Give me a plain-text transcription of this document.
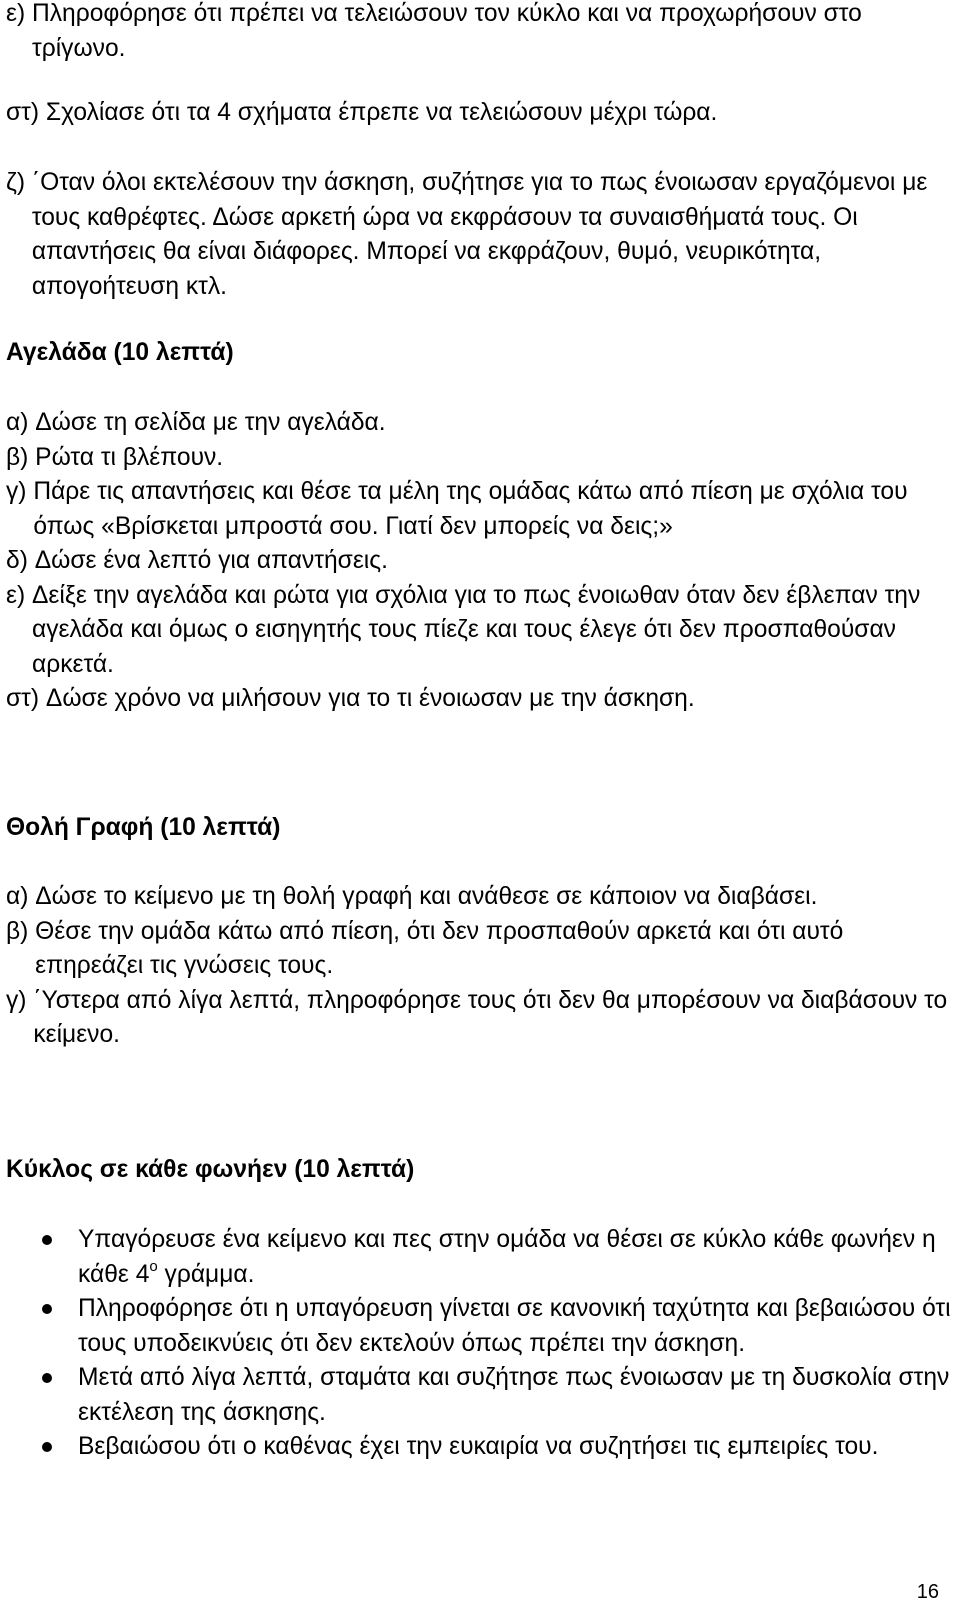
ε) Πληροφόρησε ότι πρέπει να τελειώσουν τον κύκλο και να προχωρήσουν στο τρίγωνο.
στ) Σχολίασε ότι τα 4 σχήματα έπρεπε να τελειώσουν μέχρι τώρα.
ζ) ΄Οταν όλοι εκτελέσουν την άσκηση, συζήτησε για το πως ένοιωσαν εργαζόμενοι με τους καθρέφτες. Δώσε αρκετή ώρα να εκφράσουν τα συναισθήματά τους. Οι απαντήσεις θα είναι διάφορες. Μπορεί να εκφράζουν, θυμό, νευρικότητα, απογοήτευση κτλ.
Αγελάδα (10 λεπτά)
α) Δώσε τη σελίδα με την αγελάδα.
β) Ρώτα τι βλέπουν.
γ) Πάρε τις απαντήσεις και θέσε τα μέλη της ομάδας κάτω από πίεση με σχόλια του όπως «Βρίσκεται μπροστά σου. Γιατί δεν μπορείς να δεις;»
δ) Δώσε ένα λεπτό για απαντήσεις.
ε) Δείξε την αγελάδα και ρώτα για σχόλια για το πως ένοιωθαν όταν δεν έβλεπαν την αγελάδα και όμως ο εισηγητής τους πίεζε και τους έλεγε ότι δεν προσπαθούσαν αρκετά.
στ) Δώσε χρόνο να μιλήσουν για το τι ένοιωσαν με την άσκηση.
Θολή Γραφή (10 λεπτά)
α) Δώσε το κείμενο με τη θολή γραφή και ανάθεσε σε κάποιον να διαβάσει.
β) Θέσε την ομάδα κάτω από πίεση, ότι δεν προσπαθούν αρκετά και ότι αυτό επηρεάζει τις γνώσεις τους.
γ) ΄Υστερα από λίγα λεπτά, πληροφόρησε τους ότι δεν θα μπορέσουν να διαβάσουν το κείμενο.
Κύκλος σε κάθε φωνήεν (10 λεπτά)
Υπαγόρευσε ένα κείμενο και πες στην ομάδα να θέσει σε κύκλο κάθε φωνήεν η κάθε $4^o$ γράμμα.
Πληροφόρησε ότι η υπαγόρευση γίνεται σε κανονική ταχύτητα και βεβαιώσου ότι τους υποδεικνύεις ότι δεν εκτελούν όπως πρέπει την άσκηση.
Μετά από λίγα λεπτά, σταμάτα και συζήτησε πως ένοιωσαν με τη δυσκολία στην εκτέλεση της άσκησης.
Βεβαιώσου ότι ο καθένας έχει την ευκαιρία να συζητήσει τις εμπειρίες του.
16
